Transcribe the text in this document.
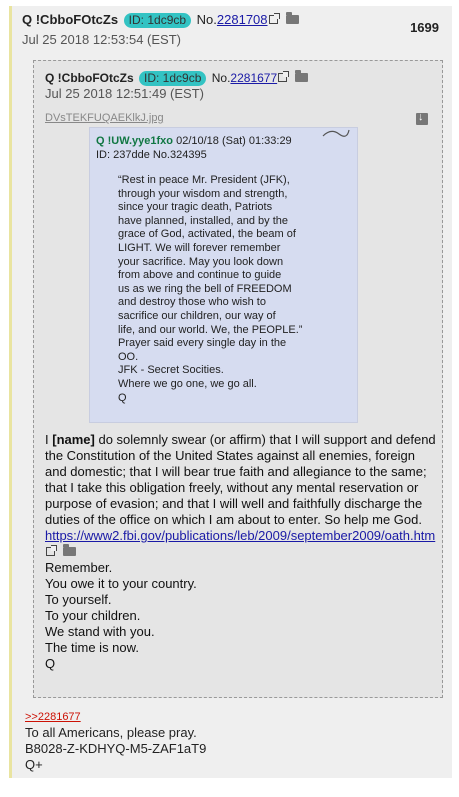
Q !CbboFOtcZs ID: 1dc9cb No.2281708
1699
Jul 25 2018 12:53:54 (EST)
Q !CbboFOtcZs ID: 1dc9cb No.2281677
Jul 25 2018 12:51:49 (EST)
DVsTEKFUQAEKlkJ.jpg
↓
Q !UW.yye1fxo 02/10/18 (Sat) 01:33:29
ID: 237dde No.324395
“Rest in peace Mr. President (JFK),
through your wisdom and strength,
since your tragic death, Patriots
have planned, installed, and by the
grace of God, activated, the beam of
LIGHT. We will forever remember
your sacrifice. May you look down
from above and continue to guide
us as we ring the bell of FREEDOM
and destroy those who wish to
sacrifice our children, our way of
life, and our world. We, the PEOPLE.”
Prayer said every single day in the
OO.
JFK - Secret Socities.
Where we go one, we go all.
Q
I [name] do solemnly swear (or affirm) that I will support and defend the Constitution of the United States against all enemies, foreign and domestic; that I will bear true faith and allegiance to the same; that I take this obligation freely, without any mental reservation or purpose of evasion; and that I will well and faithfully discharge the duties of the office on which I am about to enter. So help me God.
https://www2.fbi.gov/publications/leb/2009/september2009/oath.htm
Remember.
You owe it to your country.
To yourself.
To your children.
We stand with you.
The time is now.
Q
>>2281677
To all Americans, please pray.
B8028-Z-KDHYQ-M5-ZAF1aT9
Q+
